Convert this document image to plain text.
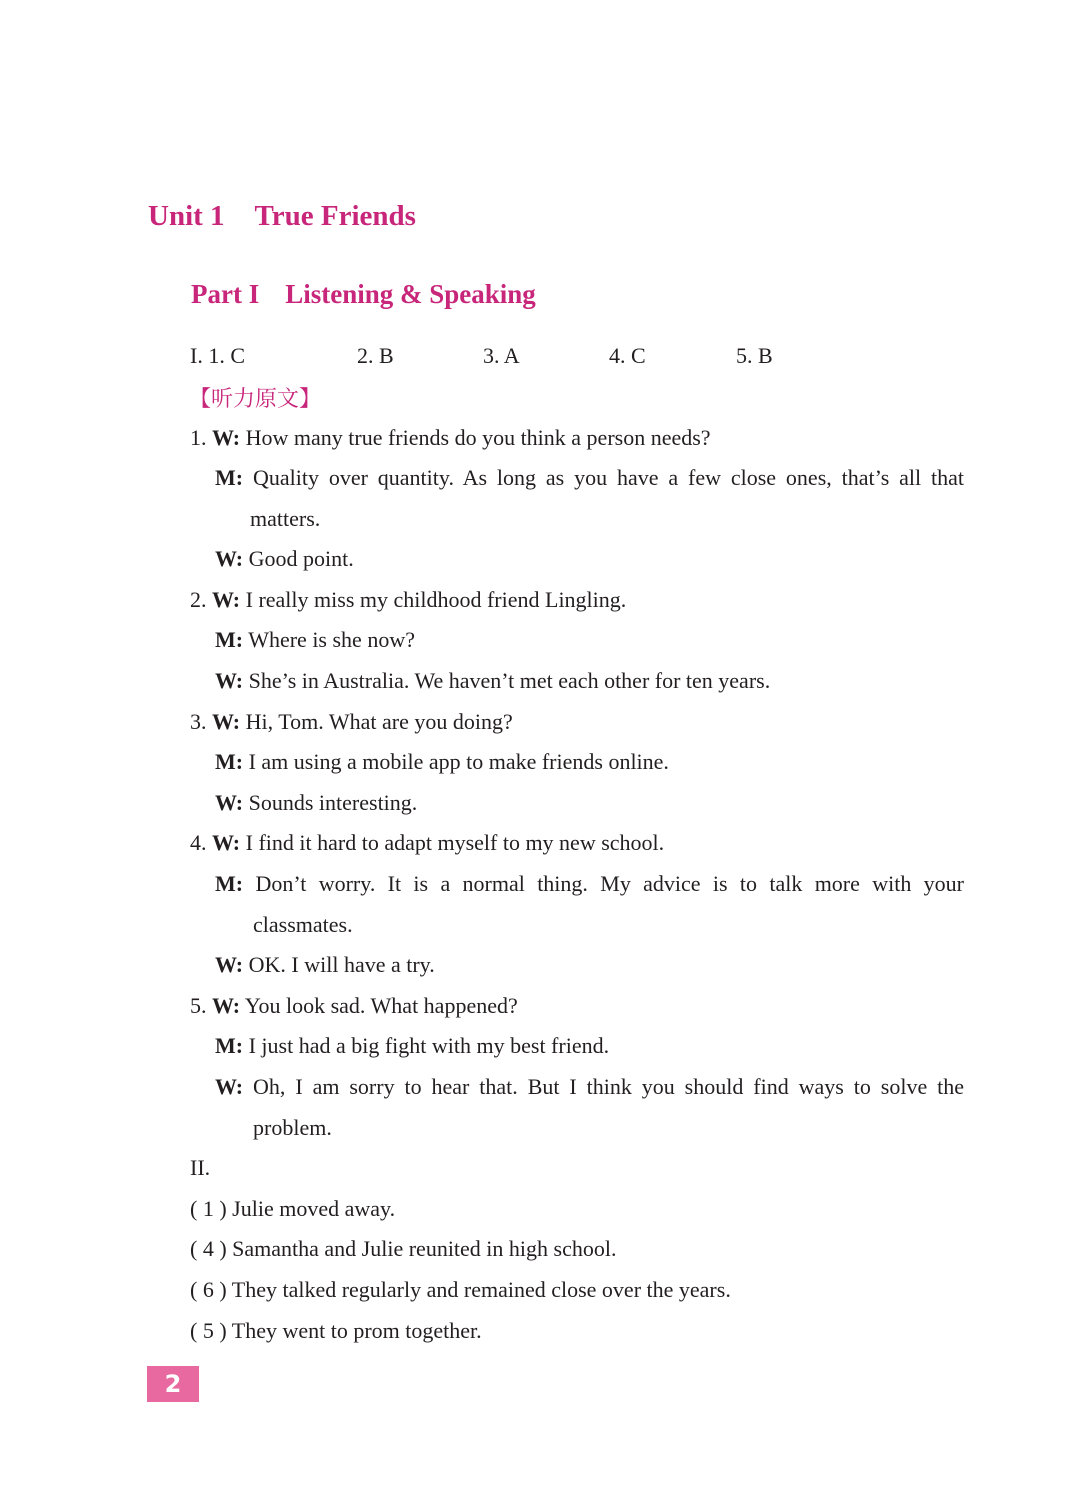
Unit 1 True Friends
Part I Listening & Speaking
I. 1. C	2. B	3. A	4. C	5. B
【听力原文】
1. W: How many true friends do you think a person needs?
M: Quality over quantity. As long as you have a few close ones, that’s all that
matters.
W: Good point.
2. W: I really miss my childhood friend Lingling.
M: Where is she now?
W: She’s in Australia. We haven’t met each other for ten years.
3. W: Hi, Tom. What are you doing?
M: I am using a mobile app to make friends online.
W: Sounds interesting.
4. W: I find it hard to adapt myself to my new school.
M: Don’t worry. It is a normal thing. My advice is to talk more with your
classmates.
W: OK. I will have a try.
5. W: You look sad. What happened?
M: I just had a big fight with my best friend.
W: Oh, I am sorry to hear that. But I think you should find ways to solve the
problem.
II.
( 1 ) Julie moved away.
( 4 ) Samantha and Julie reunited in high school.
( 6 ) They talked regularly and remained close over the years.
( 5 ) They went to prom together.
2
